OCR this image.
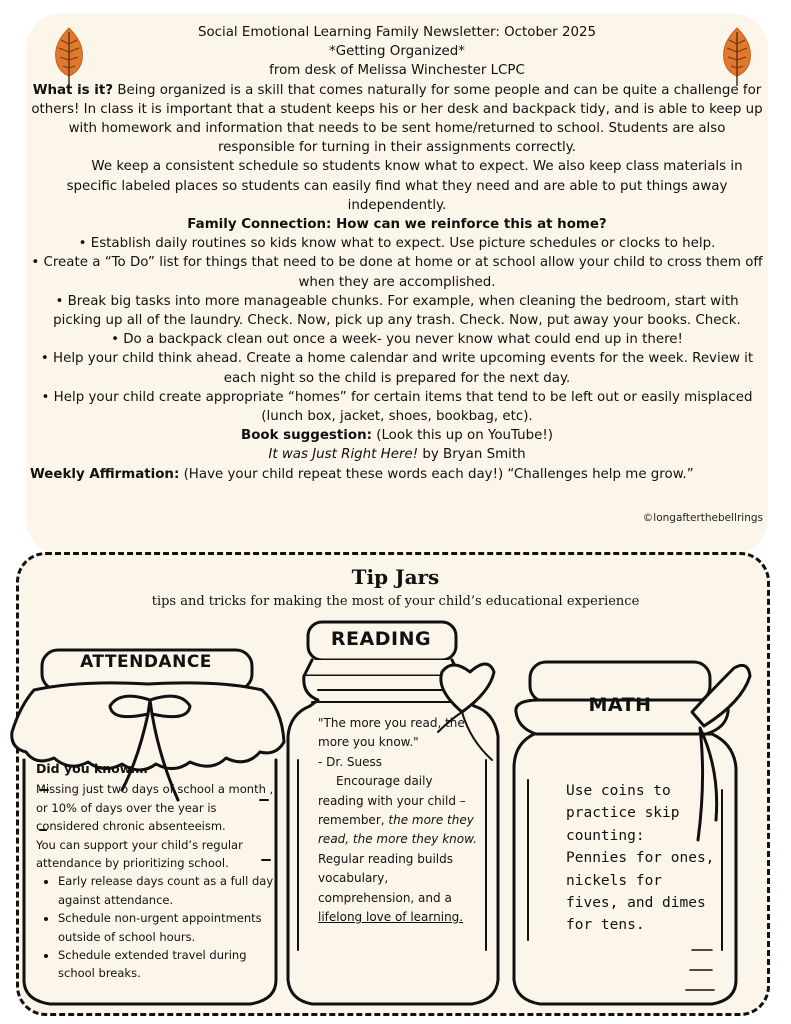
Social Emotional Learning Family Newsletter: October 2025

*Getting Organized*

from desk of Melissa Winchester LCPC

What is it? Being organized is a skill that comes naturally for some people and can be quite a challenge for others! In class it is important that a student keeps his or her desk and backpack tidy, and is able to keep up with homework and information that needs to be sent home/returned to school. Students are also responsible for turning in their assignments correctly.

We keep a consistent schedule so students know what to expect. We also keep class materials in specific labeled places so students can easily find what they need and are able to put things away independently.

Family Connection: How can we reinforce this at home?

• Establish daily routines so kids know what to expect. Use picture schedules or clocks to help.

• Create a “To Do” list for things that need to be done at home or at school allow your child to cross them off when they are accomplished.

• Break big tasks into more manageable chunks. For example, when cleaning the bedroom, start with picking up all of the laundry. Check. Now, pick up any trash. Check. Now, put away your books. Check.

• Do a backpack clean out once a week- you never know what could end up in there!

• Help your child think ahead. Create a home calendar and write upcoming events for the week. Review it each night so the child is prepared for the next day.

• Help your child create appropriate “homes” for certain items that tend to be left out or easily misplaced (lunch box, jacket, shoes, bookbag, etc).

Book suggestion: (Look this up on YouTube!)

It was Just Right Here! by Bryan Smith

Weekly Affirmation: (Have your child repeat these words each day!) “Challenges help me grow.”

©longafterthebellrings
Tip Jars
tips and tricks for making the most of your child’s educational experience
ATTENDANCE
READING
MATH
Did you know.…

Missing just two days of school a month , or 10% of days over the year is considered chronic absenteeism.

You can support your child’s regular attendance by prioritizing school.

• Early release days count as a full day against attendance.
• Schedule non-urgent appointments outside of school hours.
• Schedule extended travel during school breaks.

"The more you read, the more you know."

- Dr. Suess

Encourage daily reading with your child – remember, the more they read, the more they know. Regular reading builds vocabulary, comprehension, and a lifelong love of learning.

Use coins to practice skip counting:

Pennies for ones, nickels for fives, and dimes for tens.
